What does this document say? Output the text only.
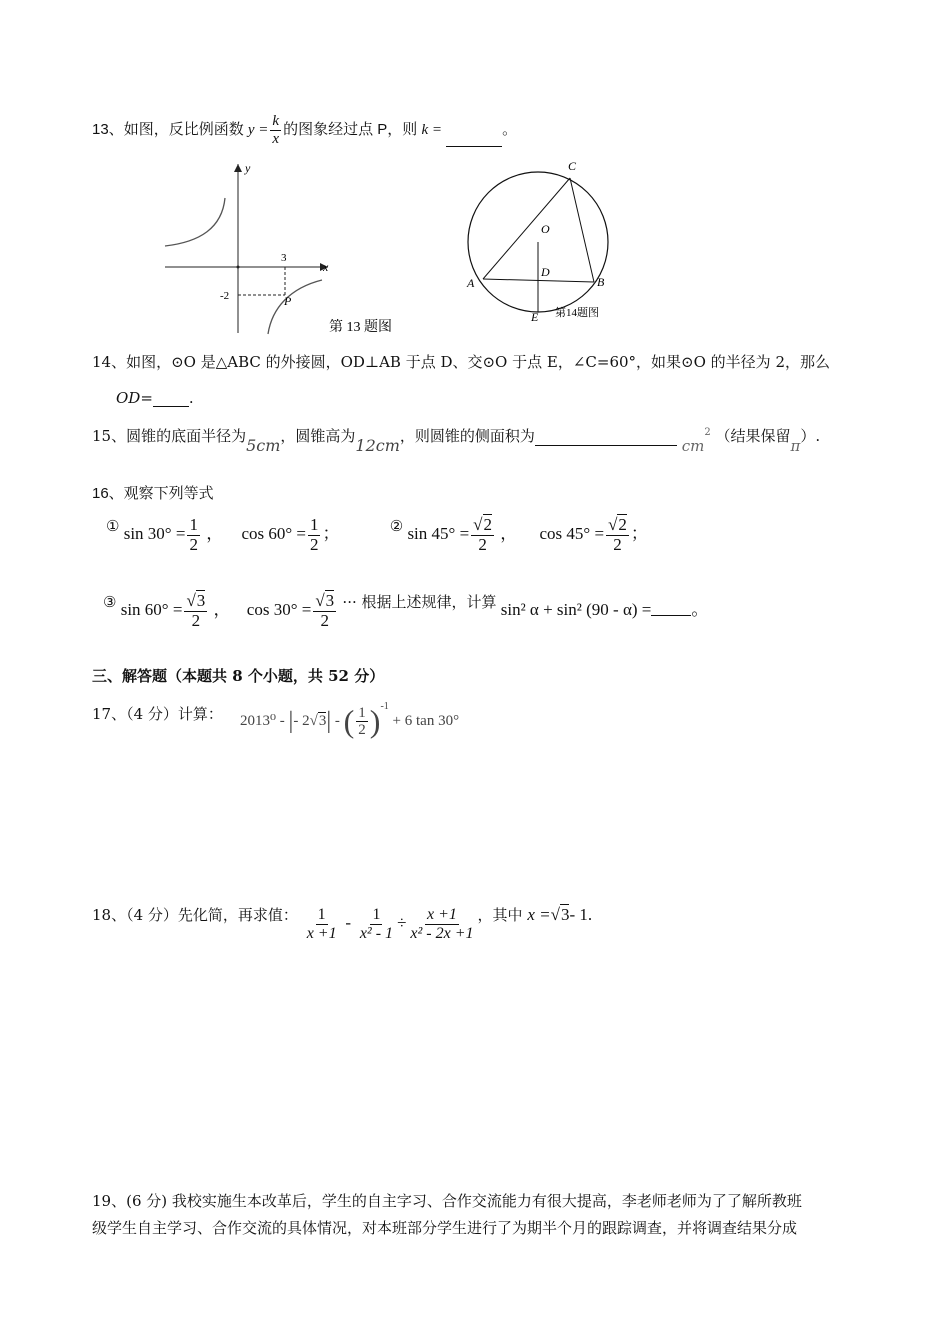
13、如图，反比例函数 $y = \frac{k}{x}$ 的图象经过点 P，则 k =	。
y
x
3
-2	P
第 13 题图
C
O
A
D
B
E 第14题图
14、如图，⊙O 是△ABC 的外接圆，OD⊥AB 于点 D、交⊙O 于点 E，∠C=60°，如果⊙O 的半径为 2，那么
OD= .
15、圆锥的底面半径为5cm，圆锥高为12cm，则圆锥的侧面积为 $cm^2$ （结果保留π）.
16、观察下列等式
① $\sin 30^\circ = \frac{1}{2}$ ， $\cos 60^\circ = \frac{1}{2}$ ；	② $\sin 45^\circ = \frac{√2}{2}$ ， $\cos 45^\circ = \frac{√2}{2}$ ；
③ $\sin 60^\circ = \frac{√3}{2}$ ， $\cos 30^\circ = \frac{√3}{2}$ ··· 根据上述规律，计算 sin² α + sin² (90 - α) = 。
三、解答题（本题共 8 个小题，共 52 分）
17、（4 分）计算： 2013⁰ - |- 2√3| - ( $\frac{1}{2} )^{-1} + 6$ tan 30°
18、（4 分）先化简，再求值： $\frac{1}{x +1} - \frac{1}{\text{x² - 1}} \div \frac{x +1}{\text{x² - 2x +1}}$ ，其中 x =√3- 1.
19、(6 分) 我校实施生本改革后，学生的自主字习、合作交流能力有很大提高，李老师老师为了了解所教班
级学生自主学习、合作交流的具体情况，对本班部分学生进行了为期半个月的跟踪调查，并将调查结果分成
